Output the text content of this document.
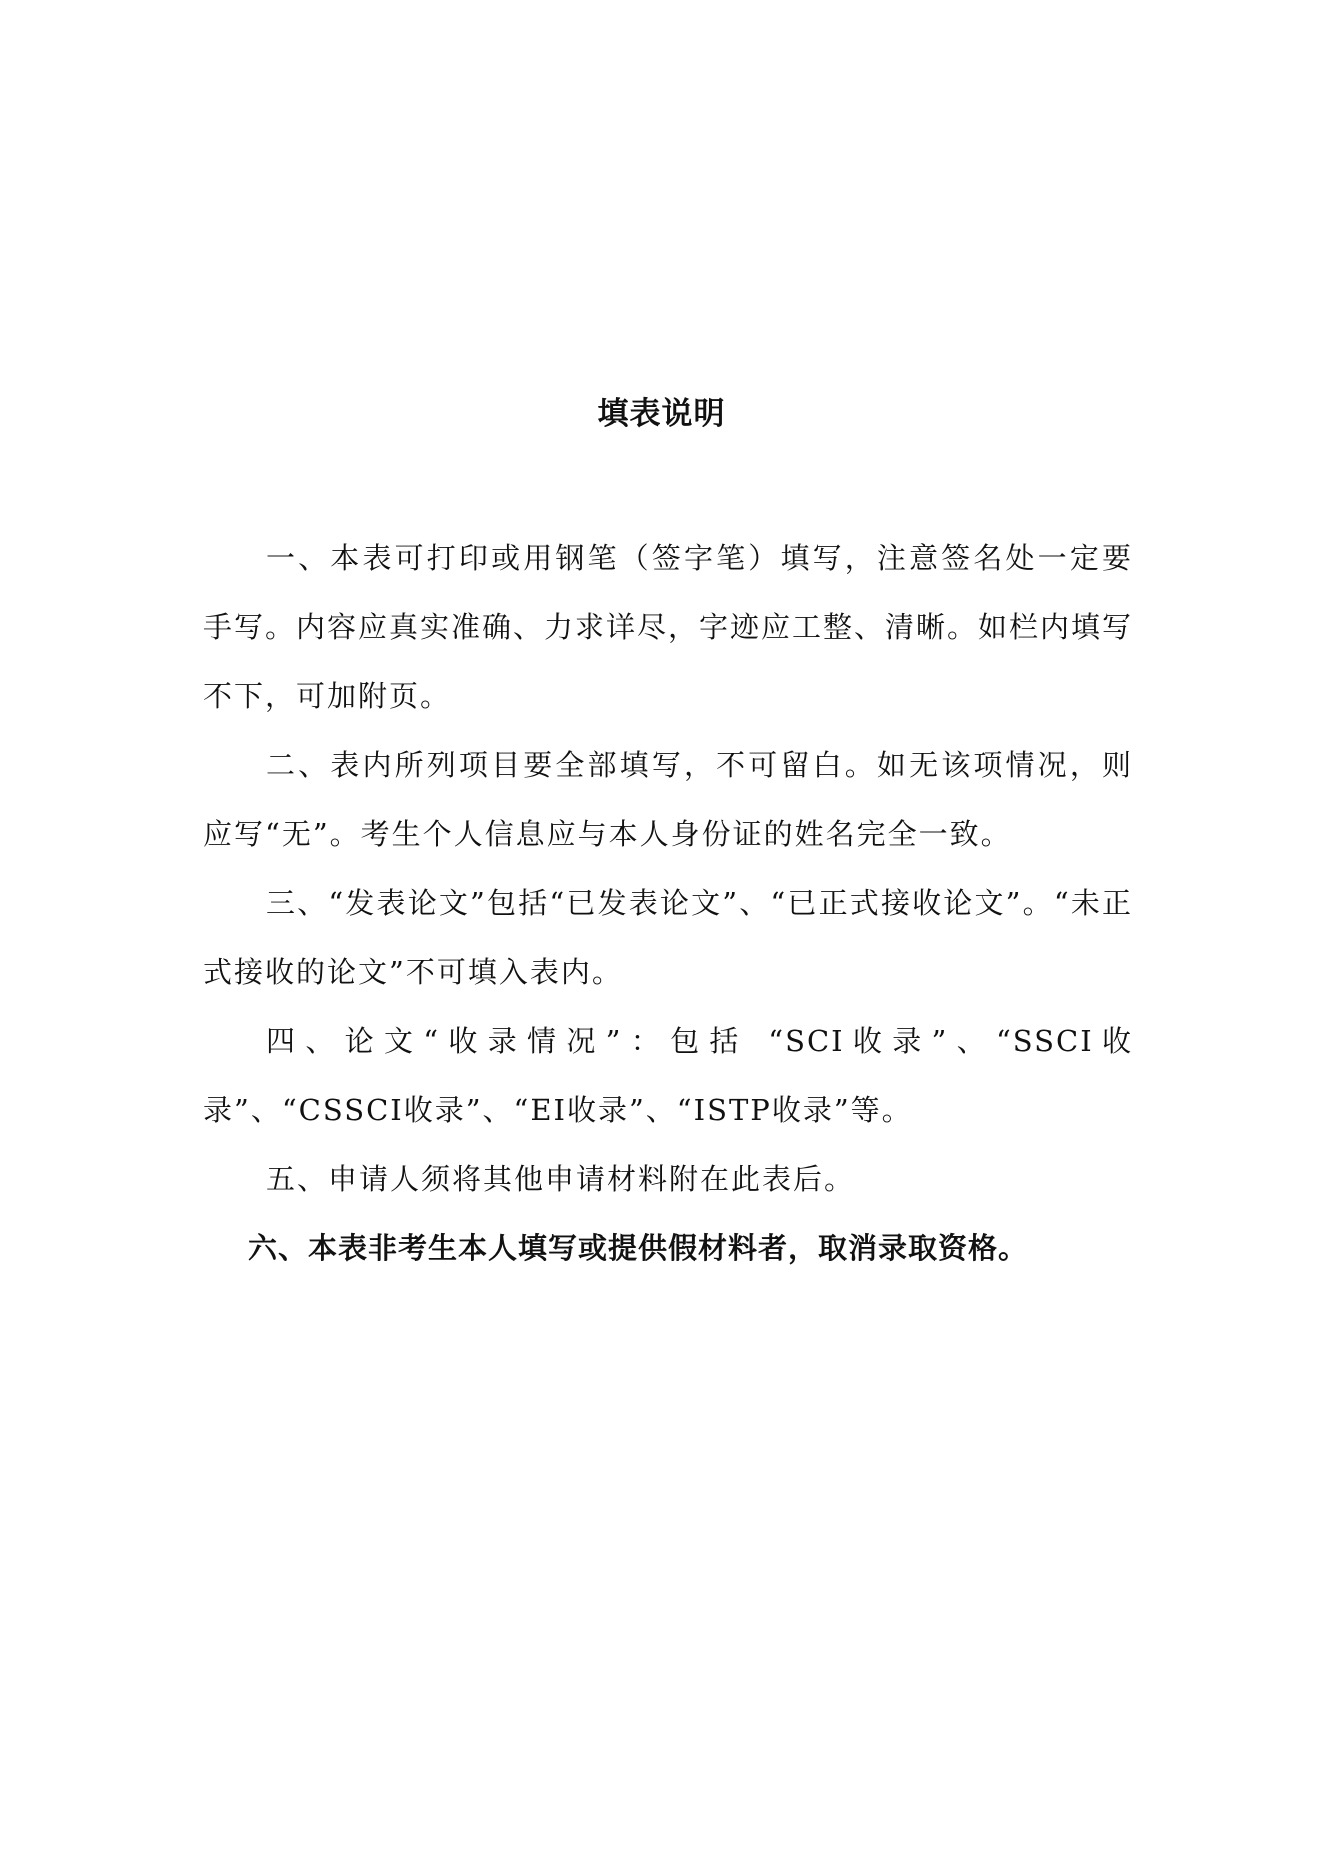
填表说明

一、本表可打印或用钢笔（签字笔）填写，注意签名处一定要手写。内容应真实准确、力求详尽，字迹应工整、清晰。如栏内填写不下，可加附页。

二、表内所列项目要全部填写，不可留白。如无该项情况，则应写“无”。考生个人信息应与本人身份证的姓名完全一致。

三、“发表论文”包括“已发表论文”、“已正式接收论文”。“未正式接收的论文”不可填入表内。

四、论文“收录情况”：包括 “SCI收录”、“SSCI收录”、“CSSCI收录”、“EI收录”、“ISTP收录”等。

五、申请人须将其他申请材料附在此表后。

六、本表非考生本人填写或提供假材料者，取消录取资格。
